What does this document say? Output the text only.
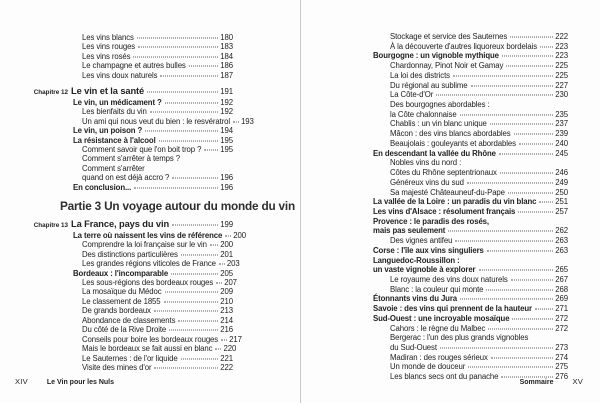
Les vins blancs	180
Les vins rouges	183
Les vins rosés	184
Le champagne et autres bulles	186
Les vins doux naturels	187
Chapitre 12 Le vin et la santé	191
Le vin, un médicament ?	192
Les bienfaits du vin	192
Un ami qui nous veut du bien : le resvératrol 193
Le vin, un poison ?	194
La résistance à l'alcool	195
Comment savoir que l'on boit trop ? 195
Comment s'arrêter à temps ?
Comment s'arrêter
quand on est déjà accro ?	196
En conclusion...	196
Partie 3 Un voyage autour du monde du vin
Chapitre 13 La France, pays du vin	199
La terre où naissent les vins de référence 200
Comprendre la loi française sur le vin 200
Des distinctions particulières	201
Les grandes régions viticoles de France 203
Bordeaux : l'incomparable	205
Les sous-régions des bordeaux rouges 207
La mosaïque du Médoc	209
Le classement de 1855	210
De grands bordeaux	213
Abondance de classements	214
Du côté de la Rive Droite	216
Conseils pour boire les bordeaux rouges 217
Mais le bordeaux se fait aussi en blanc 220
Le Sauternes : de l'or liquide	221
Visite des mines d'or	222
XIV	Le Vin pour les Nuls
Stockage et service des Sauternes	222
À la découverte d'autres liquoreux bordelais 223
Bourgogne : un vignoble mythique	223
Chardonnay, Pinot Noir et Gamay	225
La loi des districts	225
Du régional au sublime	227
La Côte-d'Or	230
Des bourgognes abordables :
la Côte chalonnaise	235
Chablis : un vin blanc unique	237
Mâcon : des vins blancs abordables	239
Beaujolais : gouleyants et abordables	240
En descendant la vallée du Rhône	245
Nobles vins du nord :
Côtes du Rhône septentrionaux	246
Généreux vins du sud	249
Sa majesté Châteauneuf-du-Pape	250
La vallée de la Loire : un paradis du vin blanc 251
Les vins d'Alsace : résolument français	257
Provence : le paradis des rosés,
mais pas seulement	262
Des vignes antifeu	263
Corse : l'île aux vins singuliers	263
Languedoc-Roussillon :
un vaste vignoble à explorer	265
Le royaume des vins doux naturels	267
Blanc : la couleur qui monte	268
Étonnants vins du Jura	269
Savoie : des vins qui prennent de la hauteur	271
Sud-Ouest : une incroyable mosaïque	272
Cahors : le règne du Malbec	272
Bergerac : l'un des plus grands vignobles
du Sud-Ouest	273
Madiran : des rouges sérieux	274
Un monde de douceur	275
Les blancs secs ont du panache	276
Sommaire	XV
